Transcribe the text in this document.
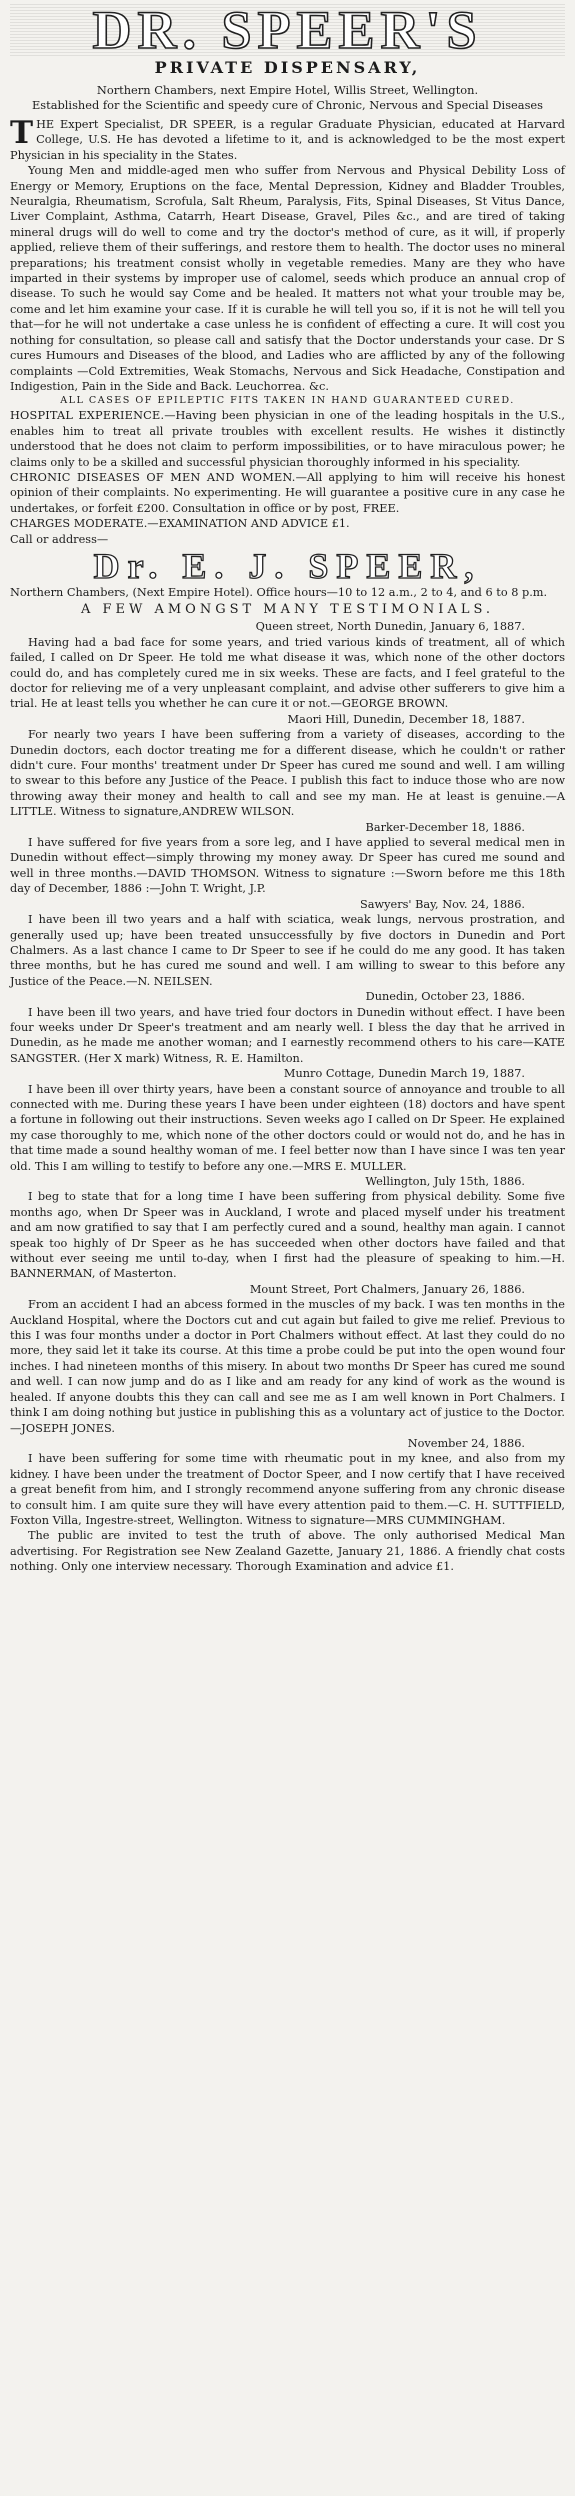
DR. SPEER'S
PRIVATE DISPENSARY,
Northern Chambers, next Empire Hotel, Willis Street, Wellington.
Established for the Scientific and speedy cure of Chronic, Nervous and Special Diseases

THE Expert Specialist, DR SPEER, is a regular Graduate Physician, educated at Harvard College, U.S. He has devoted a lifetime to it, and is acknowledged to be the most expert Physician in his speciality in the States.

Young Men and middle-aged men who suffer from Nervous and Physical Debility Loss of Energy or Memory, Eruptions on the face, Mental Depression, Kidney and Bladder Troubles, Neuralgia, Rheumatism, Scrofula, Salt Rheum, Paralysis, Fits, Spinal Diseases, St Vitus Dance, Liver Complaint, Asthma, Catarrh, Heart Disease, Gravel, Piles &c., and are tired of taking mineral drugs will do well to come and try the doctor's method of cure, as it will, if properly applied, relieve them of their sufferings, and restore them to health. The doctor uses no mineral preparations; his treatment consist wholly in vegetable remedies. Many are they who have imparted in their systems by improper use of calomel, seeds which produce an annual crop of disease. To such he would say Come and be healed. It matters not what your trouble may be, come and let him examine your case. If it is curable he will tell you so, if it is not he will tell you that—for he will not undertake a case unless he is confident of effecting a cure. It will cost you nothing for consultation, so please call and satisfy that the Doctor understands your case. Dr S cures Humours and Diseases of the blood, and Ladies who are afflicted by any of the following complaints —Cold Extremities, Weak Stomachs, Nervous and Sick Headache, Constipation and Indigestion, Pain in the Side and Back. Leuchorrea. &c.

ALL CASES OF EPILEPTIC FITS TAKEN IN HAND GUARANTEED CURED.

HOSPITAL EXPERIENCE.—Having been physician in one of the leading hospitals in the U.S., enables him to treat all private troubles with excellent results. He wishes it distinctly understood that he does not claim to perform impossibilities, or to have miraculous power; he claims only to be a skilled and successful physician thoroughly informed in his speciality.

CHRONIC DISEASES OF MEN AND WOMEN.—All applying to him will receive his honest opinion of their complaints. No experimenting. He will guarantee a positive cure in any case he undertakes, or forfeit £200. Consultation in office or by post, FREE.

CHARGES MODERATE.—EXAMINATION AND ADVICE £1.
Call or address—
Dr. E. J. SPEER,

Northern Chambers, (Next Empire Hotel). Office hours—10 to 12 a.m., 2 to 4, and 6 to 8 p.m.

A FEW AMONGST MANY TESTIMONIALS.
Queen street, North Dunedin, January 6, 1887.

Having had a bad face for some years, and tried various kinds of treatment, all of which failed, I called on Dr Speer. He told me what disease it was, which none of the other doctors could do, and has completely cured me in six weeks. These are facts, and I feel grateful to the doctor for relieving me of a very unpleasant complaint, and advise other sufferers to give him a trial. He at least tells you whether he can cure it or not.—GEORGE BROWN.

Maori Hill, Dunedin, December 18, 1887.

For nearly two years I have been suffering from a variety of diseases, according to the Dunedin doctors, each doctor treating me for a different disease, which he couldn't or rather didn't cure. Four months' treatment under Dr Speer has cured me sound and well. I am willing to swear to this before any Justice of the Peace. I publish this fact to induce those who are now throwing away their money and health to call and see my man. He at least is genuine.—A LITTLE. Witness to signature,ANDREW WILSON.

Barker-December 18, 1886.

I have suffered for five years from a sore leg, and I have applied to several medical men in Dunedin without effect—simply throwing my money away. Dr Speer has cured me sound and well in three months.—DAVID THOMSON. Witness to signature :—Sworn before me this 18th day of December, 1886 :—John T. Wright, J.P.

Sawyers' Bay, Nov. 24, 1886.

I have been ill two years and a half with sciatica, weak lungs, nervous prostration, and generally used up; have been treated unsuccessfully by five doctors in Dunedin and Port Chalmers. As a last chance I came to Dr Speer to see if he could do me any good. It has taken three months, but he has cured me sound and well. I am willing to swear to this before any Justice of the Peace.—N. NEILSEN.

Dunedin, October 23, 1886.

I have been ill two years, and have tried four doctors in Dunedin without effect. I have been four weeks under Dr Speer's treatment and am nearly well. I bless the day that he arrived in Dunedin, as he made me another woman; and I earnestly recommend others to his care—KATE SANGSTER. (Her X mark) Witness, R. E. Hamilton.

Munro Cottage, Dunedin March 19, 1887.

I have been ill over thirty years, have been a constant source of annoyance and trouble to all connected with me. During these years I have been under eighteen (18) doctors and have spent a fortune in following out their instructions. Seven weeks ago I called on Dr Speer. He explained my case thoroughly to me, which none of the other doctors could or would not do, and he has in that time made a sound healthy woman of me. I feel better now than I have since I was ten year old. This I am willing to testify to before any one.—MRS E. MULLER.

Wellington, July 15th, 1886.

I beg to state that for a long time I have been suffering from physical debility. Some five months ago, when Dr Speer was in Auckland, I wrote and placed myself under his treatment and am now gratified to say that I am perfectly cured and a sound, healthy man again. I cannot speak too highly of Dr Speer as he has succeeded when other doctors have failed and that without ever seeing me until to-day, when I first had the pleasure of speaking to him.—H. BANNERMAN, of Masterton.

Mount Street, Port Chalmers, January 26, 1886.

From an accident I had an abcess formed in the muscles of my back. I was ten months in the Auckland Hospital, where the Doctors cut and cut again but failed to give me relief. Previous to this I was four months under a doctor in Port Chalmers without effect. At last they could do no more, they said let it take its course. At this time a probe could be put into the open wound four inches. I had nineteen months of this misery. In about two months Dr Speer has cured me sound and well. I can now jump and do as I like and am ready for any kind of work as the wound is healed. If anyone doubts this they can call and see me as I am well known in Port Chalmers. I think I am doing nothing but justice in publishing this as a voluntary act of justice to the Doctor.—JOSEPH JONES.

November 24, 1886.

I have been suffering for some time with rheumatic pout in my knee, and also from my kidney. I have been under the treatment of Doctor Speer, and I now certify that I have received a great benefit from him, and I strongly recommend anyone suffering from any chronic disease to consult him. I am quite sure they will have every attention paid to them.—C. H. SUTTFIELD, Foxton Villa, Ingestre-street, Wellington. Witness to signature—MRS CUMMINGHAM.

The public are invited to test the truth of above. The only authorised Medical Man advertising. For Registration see New Zealand Gazette, January 21, 1886. A friendly chat costs nothing. Only one interview necessary. Thorough Examination and advice £1.
